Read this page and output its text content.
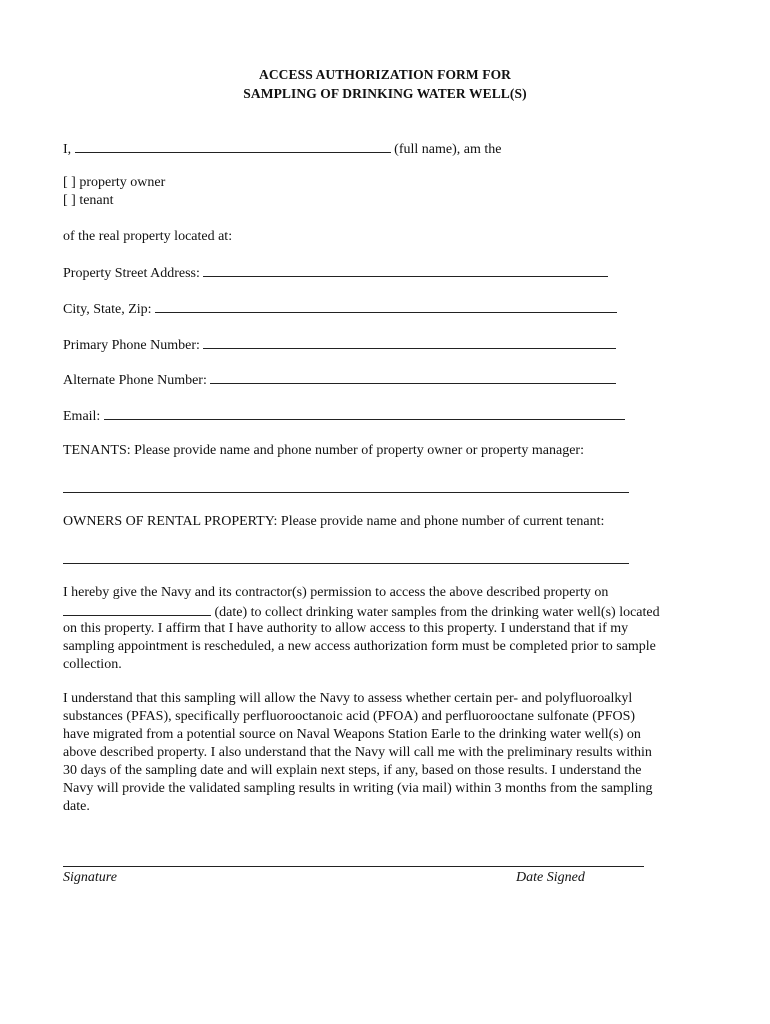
ACCESS AUTHORIZATION FORM FOR
SAMPLING OF DRINKING WATER WELL(S)
I,	(full name), am the
[ ] property owner
[ ] tenant
of the real property located at:
Property Street Address:
City, State, Zip:
Primary Phone Number:
Alternate Phone Number:
Email:
TENANTS: Please provide name and phone number of property owner or property manager:
OWNERS OF RENTAL PROPERTY: Please provide name and phone number of current tenant:
I hereby give the Navy and its contractor(s) permission to access the above described property on
(date) to collect drinking water samples from the drinking water well(s) located
on this property. I affirm that I have authority to allow access to this property. I understand that if my
sampling appointment is rescheduled, a new access authorization form must be completed prior to sample
collection.
I understand that this sampling will allow the Navy to assess whether certain per- and polyfluoroalkyl
substances (PFAS), specifically perfluorooctanoic acid (PFOA) and perfluorooctane sulfonate (PFOS)
have migrated from a potential source on Naval Weapons Station Earle to the drinking water well(s) on
above described property. I also understand that the Navy will call me with the preliminary results within
30 days of the sampling date and will explain next steps, if any, based on those results. I understand the
Navy will provide the validated sampling results in writing (via mail) within 3 months from the sampling
date.
Signature	Date Signed
